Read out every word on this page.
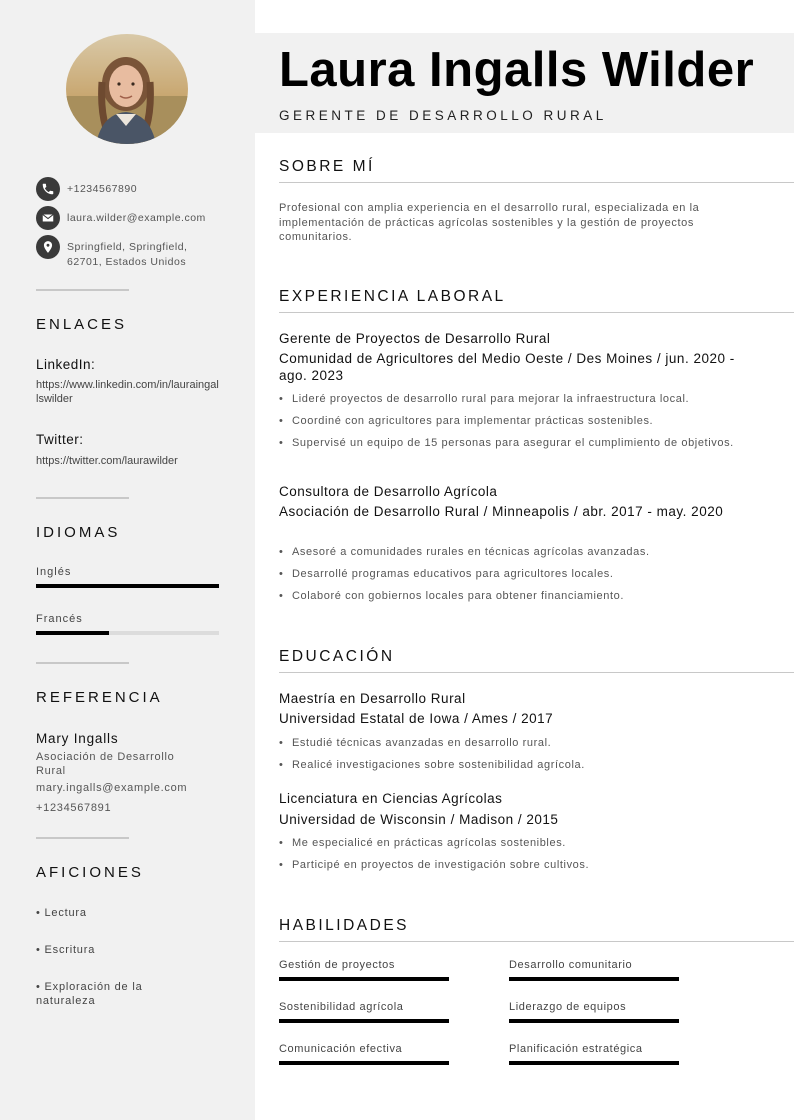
+1234567890
laura.wilder@example.com
Springfield, Springfield,
62701, Estados Unidos
ENLACES
LinkedIn:
https://www.linkedin.com/in/lauraingallswilder
Twitter:
https://twitter.com/laurawilder
IDIOMAS
Inglés
Francés
REFERENCIA
Mary Ingalls
Asociación de Desarrollo
Rural
mary.ingalls@example.com
+1234567891
AFICIONES
• Lectura
• Escritura
• Exploración de la naturaleza
Laura Ingalls Wilder
GERENTE DE DESARROLLO RURAL
SOBRE MÍ
Profesional con amplia experiencia en el desarrollo rural, especializada en la implementación de prácticas agrícolas sostenibles y la gestión de proyectos comunitarios.
EXPERIENCIA LABORAL
Gerente de Proyectos de Desarrollo Rural
Comunidad de Agricultores del Medio Oeste / Des Moines / jun. 2020 - ago. 2023
• Lideré proyectos de desarrollo rural para mejorar la infraestructura local.
• Coordiné con agricultores para implementar prácticas sostenibles.
• Supervisé un equipo de 15 personas para asegurar el cumplimiento de objetivos.
Consultora de Desarrollo Agrícola
Asociación de Desarrollo Rural / Minneapolis / abr. 2017 - may. 2020
• Asesoré a comunidades rurales en técnicas agrícolas avanzadas.
• Desarrollé programas educativos para agricultores locales.
• Colaboré con gobiernos locales para obtener financiamiento.
EDUCACIÓN
Maestría en Desarrollo Rural
Universidad Estatal de Iowa / Ames / 2017
• Estudié técnicas avanzadas en desarrollo rural.
• Realicé investigaciones sobre sostenibilidad agrícola.
Licenciatura en Ciencias Agrícolas
Universidad de Wisconsin / Madison / 2015
• Me especialicé en prácticas agrícolas sostenibles.
• Participé en proyectos de investigación sobre cultivos.
HABILIDADES
Gestión de proyectos	Desarrollo comunitario
Sostenibilidad agrícola	Liderazgo de equipos
Comunicación efectiva	Planificación estratégica
